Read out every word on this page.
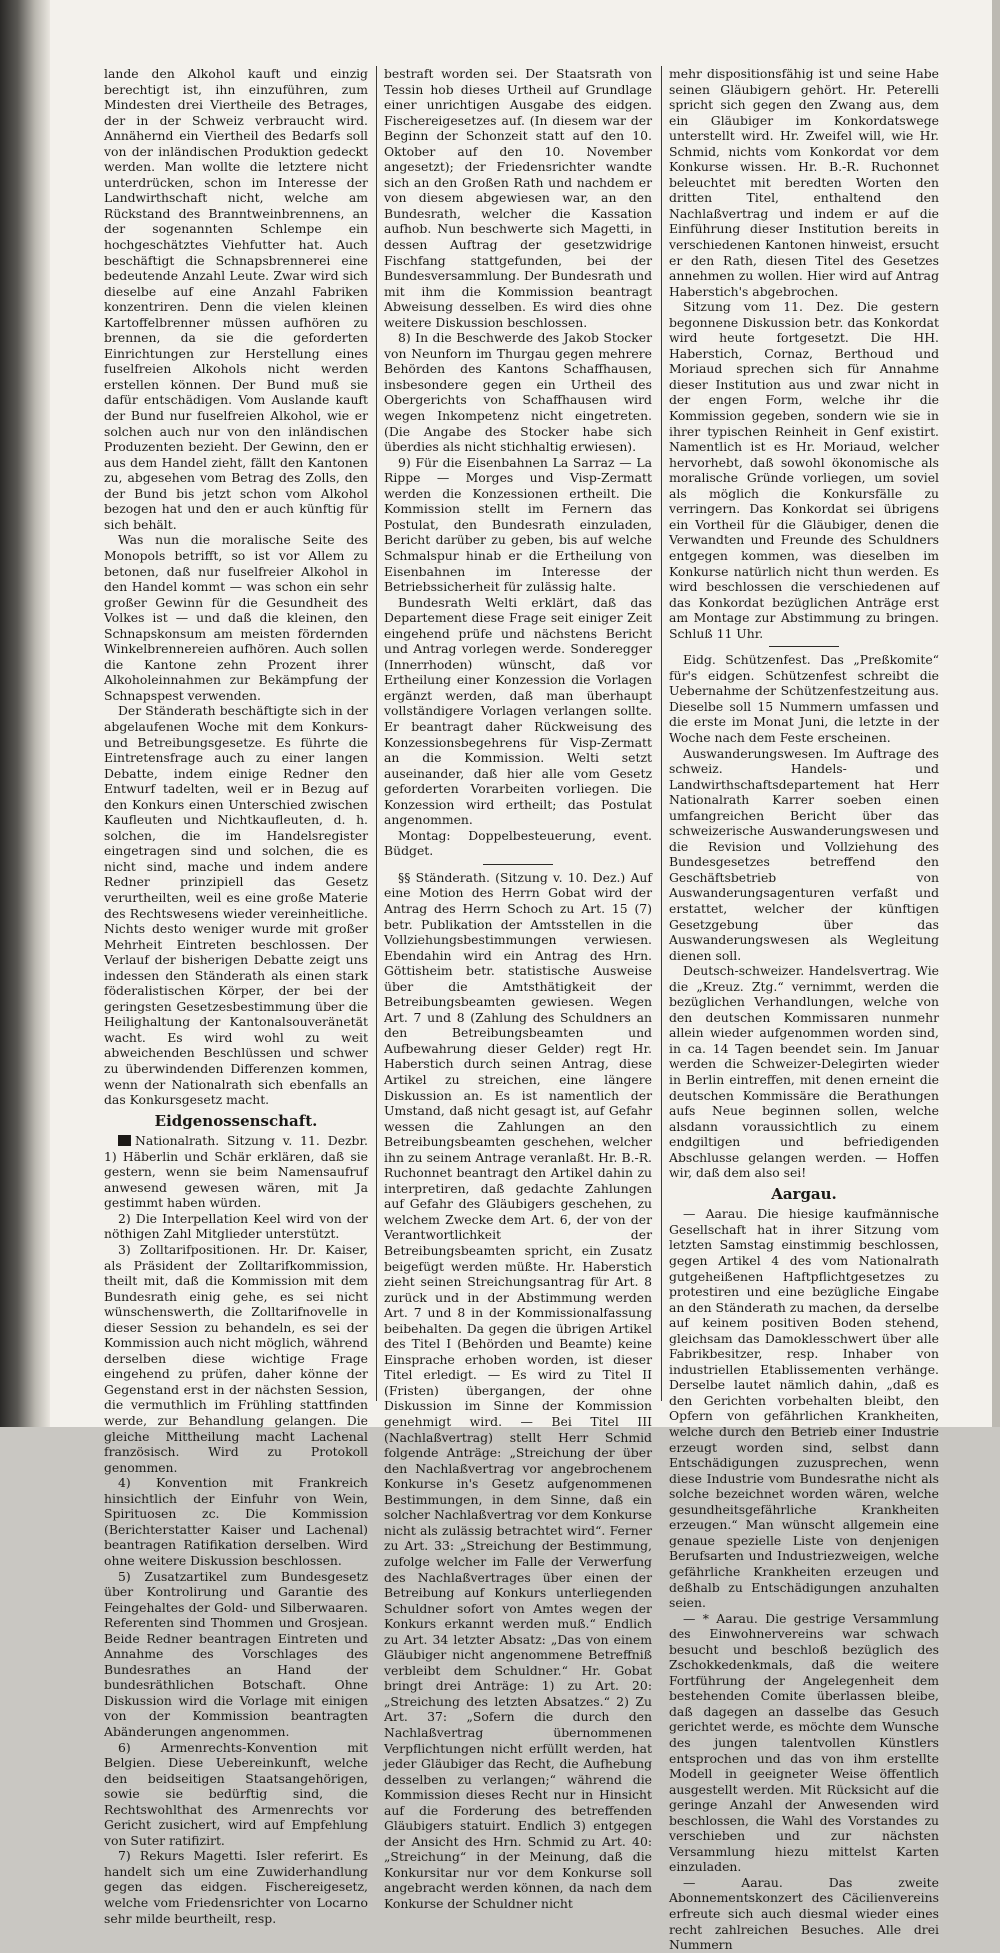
lande den Alkohol kauft und einzig berechtigt ist, ihn einzuführen, zum Mindesten drei Viertheile des Betrages, der in der Schweiz verbraucht wird. Annähernd ein Viertheil des Bedarfs soll von der inländischen Produktion gedeckt werden. Man wollte die letztere nicht unterdrücken, schon im Interesse der Landwirthschaft nicht, welche am Rückstand des Branntweinbrennens, an der sogenannten Schlempe ein hochgeschätztes Viehfutter hat. Auch beschäftigt die Schnapsbrennerei eine bedeutende Anzahl Leute. Zwar wird sich dieselbe auf eine Anzahl Fabriken konzentriren. Denn die vielen kleinen Kartoffelbrenner müssen aufhören zu brennen, da sie die geforderten Einrichtungen zur Herstellung eines fuselfreien Alkohols nicht werden erstellen können. Der Bund muß sie dafür entschädigen. Vom Auslande kauft der Bund nur fuselfreien Alkohol, wie er solchen auch nur von den inländischen Produzenten bezieht. Der Gewinn, den er aus dem Handel zieht, fällt den Kantonen zu, abgesehen vom Betrag des Zolls, den der Bund bis jetzt schon vom Alkohol bezogen hat und den er auch künftig für sich behält.

Was nun die moralische Seite des Monopols betrifft, so ist vor Allem zu betonen, daß nur fuselfreier Alkohol in den Handel kommt — was schon ein sehr großer Gewinn für die Gesundheit des Volkes ist — und daß die kleinen, den Schnapskonsum am meisten fördernden Winkelbrennereien aufhören. Auch sollen die Kantone zehn Prozent ihrer Alkoholeinnahmen zur Bekämpfung der Schnapspest verwenden.

Der Ständerath beschäftigte sich in der abgelaufenen Woche mit dem Konkurs- und Betreibungsgesetze. Es führte die Eintretensfrage auch zu einer langen Debatte, indem einige Redner den Entwurf tadelten, weil er in Bezug auf den Konkurs einen Unterschied zwischen Kaufleuten und Nichtkaufleuten, d. h. solchen, die im Handelsregister eingetragen sind und solchen, die es nicht sind, mache und indem andere Redner prinzipiell das Gesetz verurtheilten, weil es eine große Materie des Rechtswesens wieder vereinheitliche. Nichts desto weniger wurde mit großer Mehrheit Eintreten beschlossen. Der Verlauf der bisherigen Debatte zeigt uns indessen den Ständerath als einen stark föderalistischen Körper, der bei der geringsten Gesetzesbestimmung über die Heilighaltung der Kantonalsouveränetät wacht. Es wird wohl zu weit abweichenden Beschlüssen und schwer zu überwindenden Differenzen kommen, wenn der Nationalrath sich ebenfalls an das Konkursgesetz macht.

Eidgenossenschaft.

Nationalrath. Sitzung v. 11. Dezbr. 1) Häberlin und Schär erklären, daß sie gestern, wenn sie beim Namensaufruf anwesend gewesen wären, mit Ja gestimmt haben würden.

2) Die Interpellation Keel wird von der nöthigen Zahl Mitglieder unterstützt.

3) Zolltarifpositionen. Hr. Dr. Kaiser, als Präsident der Zolltarifkommission, theilt mit, daß die Kommission mit dem Bundesrath einig gehe, es sei nicht wünschenswerth, die Zolltarifnovelle in dieser Session zu behandeln, es sei der Kommission auch nicht möglich, während derselben diese wichtige Frage eingehend zu prüfen, daher könne der Gegenstand erst in der nächsten Session, die vermuthlich im Frühling stattfinden werde, zur Behandlung gelangen. Die gleiche Mittheilung macht Lachenal französisch. Wird zu Protokoll genommen.

4) Konvention mit Frankreich hinsichtlich der Einfuhr von Wein, Spirituosen zc. Die Kommission (Berichterstatter Kaiser und Lachenal) beantragen Ratifikation derselben. Wird ohne weitere Diskussion beschlossen.

5) Zusatzartikel zum Bundesgesetz über Kontrolirung und Garantie des Feingehaltes der Gold- und Silberwaaren. Referenten sind Thommen und Grosjean. Beide Redner beantragen Eintreten und Annahme des Vorschlages des Bundesrathes an Hand der bundesräthlichen Botschaft. Ohne Diskussion wird die Vorlage mit einigen von der Kommission beantragten Abänderungen angenommen.

6) Armenrechts-Konvention mit Belgien. Diese Uebereinkunft, welche den beidseitigen Staatsangehörigen, sowie sie bedürftig sind, die Rechtswohlthat des Armenrechts vor Gericht zusichert, wird auf Empfehlung von Suter ratifizirt.

7) Rekurs Magetti. Isler referirt. Es handelt sich um eine Zuwiderhandlung gegen das eidgen. Fischereigesetz, welche vom Friedensrichter von Locarno sehr milde beurtheilt, resp.

bestraft worden sei. Der Staatsrath von Tessin hob dieses Urtheil auf Grundlage einer unrichtigen Ausgabe des eidgen. Fischereigesetzes auf. (In diesem war der Beginn der Schonzeit statt auf den 10. Oktober auf den 10. November angesetzt); der Friedensrichter wandte sich an den Großen Rath und nachdem er von diesem abgewiesen war, an den Bundesrath, welcher die Kassation aufhob. Nun beschwerte sich Magetti, in dessen Auftrag der gesetzwidrige Fischfang stattgefunden, bei der Bundesversammlung. Der Bundesrath und mit ihm die Kommission beantragt Abweisung desselben. Es wird dies ohne weitere Diskussion beschlossen.

8) In die Beschwerde des Jakob Stocker von Neunforn im Thurgau gegen mehrere Behörden des Kantons Schaffhausen, insbesondere gegen ein Urtheil des Obergerichts von Schaffhausen wird wegen Inkompetenz nicht eingetreten. (Die Angabe des Stocker habe sich überdies als nicht stichhaltig erwiesen).

9) Für die Eisenbahnen La Sarraz — La Rippe — Morges und Visp-Zermatt werden die Konzessionen ertheilt. Die Kommission stellt im Fernern das Postulat, den Bundesrath einzuladen, Bericht darüber zu geben, bis auf welche Schmalspur hinab er die Ertheilung von Eisenbahnen im Interesse der Betriebssicherheit für zulässig halte.

Bundesrath Welti erklärt, daß das Departement diese Frage seit einiger Zeit eingehend prüfe und nächstens Bericht und Antrag vorlegen werde. Sonderegger (Innerrhoden) wünscht, daß vor Ertheilung einer Konzession die Vorlagen ergänzt werden, daß man überhaupt vollständigere Vorlagen verlangen sollte. Er beantragt daher Rückweisung des Konzessionsbegehrens für Visp-Zermatt an die Kommission. Welti setzt auseinander, daß hier alle vom Gesetz geforderten Vorarbeiten vorliegen. Die Konzession wird ertheilt; das Postulat angenommen.

Montag: Doppelbesteuerung, event. Büdget.

§§ Ständerath. (Sitzung v. 10. Dez.) Auf eine Motion des Herrn Gobat wird der Antrag des Herrn Schoch zu Art. 15 (7) betr. Publikation der Amtsstellen in die Vollziehungsbestimmungen verwiesen. Ebendahin wird ein Antrag des Hrn. Göttisheim betr. statistische Ausweise über die Amtsthätigkeit der Betreibungsbeamten gewiesen. Wegen Art. 7 und 8 (Zahlung des Schuldners an den Betreibungsbeamten und Aufbewahrung dieser Gelder) regt Hr. Haberstich durch seinen Antrag, diese Artikel zu streichen, eine längere Diskussion an. Es ist namentlich der Umstand, daß nicht gesagt ist, auf Gefahr wessen die Zahlungen an den Betreibungsbeamten geschehen, welcher ihn zu seinem Antrage veranlaßt. Hr. B.-R. Ruchonnet beantragt den Artikel dahin zu interpretiren, daß gedachte Zahlungen auf Gefahr des Gläubigers geschehen, zu welchem Zwecke dem Art. 6, der von der Verantwortlichkeit der Betreibungsbeamten spricht, ein Zusatz beigefügt werden müßte. Hr. Haberstich zieht seinen Streichungsantrag für Art. 8 zurück und in der Abstimmung werden Art. 7 und 8 in der Kommissionalfassung beibehalten. Da gegen die übrigen Artikel des Titel I (Behörden und Beamte) keine Einsprache erhoben worden, ist dieser Titel erledigt. — Es wird zu Titel II (Fristen) übergangen, der ohne Diskussion im Sinne der Kommission genehmigt wird. — Bei Titel III (Nachlaßvertrag) stellt Herr Schmid folgende Anträge: „Streichung der über den Nachlaßvertrag vor angebrochenem Konkurse in's Gesetz aufgenommenen Bestimmungen, in dem Sinne, daß ein solcher Nachlaßvertrag vor dem Konkurse nicht als zulässig betrachtet wird“. Ferner zu Art. 33: „Streichung der Bestimmung, zufolge welcher im Falle der Verwerfung des Nachlaßvertrages über einen der Betreibung auf Konkurs unterliegenden Schuldner sofort von Amtes wegen der Konkurs erkannt werden muß.“ Endlich zu Art. 34 letzter Absatz: „Das von einem Gläubiger nicht angenommene Betreffniß verbleibt dem Schuldner.“ Hr. Gobat bringt drei Anträge: 1) zu Art. 20: „Streichung des letzten Absatzes.“ 2) Zu Art. 37: „Sofern die durch den Nachlaßvertrag übernommenen Verpflichtungen nicht erfüllt werden, hat jeder Gläubiger das Recht, die Aufhebung desselben zu verlangen;“ während die Kommission dieses Recht nur in Hinsicht auf die Forderung des betreffenden Gläubigers statuirt. Endlich 3) entgegen der Ansicht des Hrn. Schmid zu Art. 40: „Streichung“ in der Meinung, daß die Konkursitar nur vor dem Konkurse soll angebracht werden können, da nach dem Konkurse der Schuldner nicht

mehr dispositionsfähig ist und seine Habe seinen Gläubigern gehört. Hr. Peterelli spricht sich gegen den Zwang aus, dem ein Gläubiger im Konkordatswege unterstellt wird. Hr. Zweifel will, wie Hr. Schmid, nichts vom Konkordat vor dem Konkurse wissen. Hr. B.-R. Ruchonnet beleuchtet mit beredten Worten den dritten Titel, enthaltend den Nachlaßvertrag und indem er auf die Einführung dieser Institution bereits in verschiedenen Kantonen hinweist, ersucht er den Rath, diesen Titel des Gesetzes annehmen zu wollen. Hier wird auf Antrag Haberstich's abgebrochen.

Sitzung vom 11. Dez. Die gestern begonnene Diskussion betr. das Konkordat wird heute fortgesetzt. Die HH. Haberstich, Cornaz, Berthoud und Moriaud sprechen sich für Annahme dieser Institution aus und zwar nicht in der engen Form, welche ihr die Kommission gegeben, sondern wie sie in ihrer typischen Reinheit in Genf existirt. Namentlich ist es Hr. Moriaud, welcher hervorhebt, daß sowohl ökonomische als moralische Gründe vorliegen, um soviel als möglich die Konkursfälle zu verringern. Das Konkordat sei übrigens ein Vortheil für die Gläubiger, denen die Verwandten und Freunde des Schuldners entgegen kommen, was dieselben im Konkurse natürlich nicht thun werden. Es wird beschlossen die verschiedenen auf das Konkordat bezüglichen Anträge erst am Montage zur Abstimmung zu bringen. Schluß 11 Uhr.

Eidg. Schützenfest. Das „Preßkomite“ für's eidgen. Schützenfest schreibt die Uebernahme der Schützenfestzeitung aus. Dieselbe soll 15 Nummern umfassen und die erste im Monat Juni, die letzte in der Woche nach dem Feste erscheinen.

Auswanderungswesen. Im Auftrage des schweiz. Handels- und Landwirthschaftsdepartement hat Herr Nationalrath Karrer soeben einen umfangreichen Bericht über das schweizerische Auswanderungswesen und die Revision und Vollziehung des Bundesgesetzes betreffend den Geschäftsbetrieb von Auswanderungsagenturen verfaßt und erstattet, welcher der künftigen Gesetzgebung über das Auswanderungswesen als Wegleitung dienen soll.

Deutsch-schweizer. Handelsvertrag. Wie die „Kreuz. Ztg.“ vernimmt, werden die bezüglichen Verhandlungen, welche von den deutschen Kommissaren nunmehr allein wieder aufgenommen worden sind, in ca. 14 Tagen beendet sein. Im Januar werden die Schweizer-Delegirten wieder in Berlin eintreffen, mit denen erneint die deutschen Kommissäre die Berathungen aufs Neue beginnen sollen, welche alsdann voraussichtlich zu einem endgiltigen und befriedigenden Abschlusse gelangen werden. — Hoffen wir, daß dem also sei!

Aargau.

— Aarau. Die hiesige kaufmännische Gesellschaft hat in ihrer Sitzung vom letzten Samstag einstimmig beschlossen, gegen Artikel 4 des vom Nationalrath gutgeheißenen Haftpflichtgesetzes zu protestiren und eine bezügliche Eingabe an den Ständerath zu machen, da derselbe auf keinem positiven Boden stehend, gleichsam das Damoklesschwert über alle Fabrikbesitzer, resp. Inhaber von industriellen Etablissementen verhänge. Derselbe lautet nämlich dahin, „daß es den Gerichten vorbehalten bleibt, den Opfern von gefährlichen Krankheiten, welche durch den Betrieb einer Industrie erzeugt worden sind, selbst dann Entschädigungen zuzusprechen, wenn diese Industrie vom Bundesrathe nicht als solche bezeichnet worden wären, welche gesundheitsgefährliche Krankheiten erzeugen.“ Man wünscht allgemein eine genaue spezielle Liste von denjenigen Berufsarten und Industriezweigen, welche gefährliche Krankheiten erzeugen und deßhalb zu Entschädigungen anzuhalten seien.

— * Aarau. Die gestrige Versammlung des Einwohnervereins war schwach besucht und beschloß bezüglich des Zschokkedenkmals, daß die weitere Fortführung der Angelegenheit dem bestehenden Comite überlassen bleibe, daß dagegen an dasselbe das Gesuch gerichtet werde, es möchte dem Wunsche des jungen talentvollen Künstlers entsprochen und das von ihm erstellte Modell in geeigneter Weise öffentlich ausgestellt werden. Mit Rücksicht auf die geringe Anzahl der Anwesenden wird beschlossen, die Wahl des Vorstandes zu verschieben und zur nächsten Versammlung hiezu mittelst Karten einzuladen.

— Aarau. Das zweite Abonnementskonzert des Cäcilienvereins erfreute sich auch diesmal wieder eines recht zahlreichen Besuches. Alle drei Nummern
